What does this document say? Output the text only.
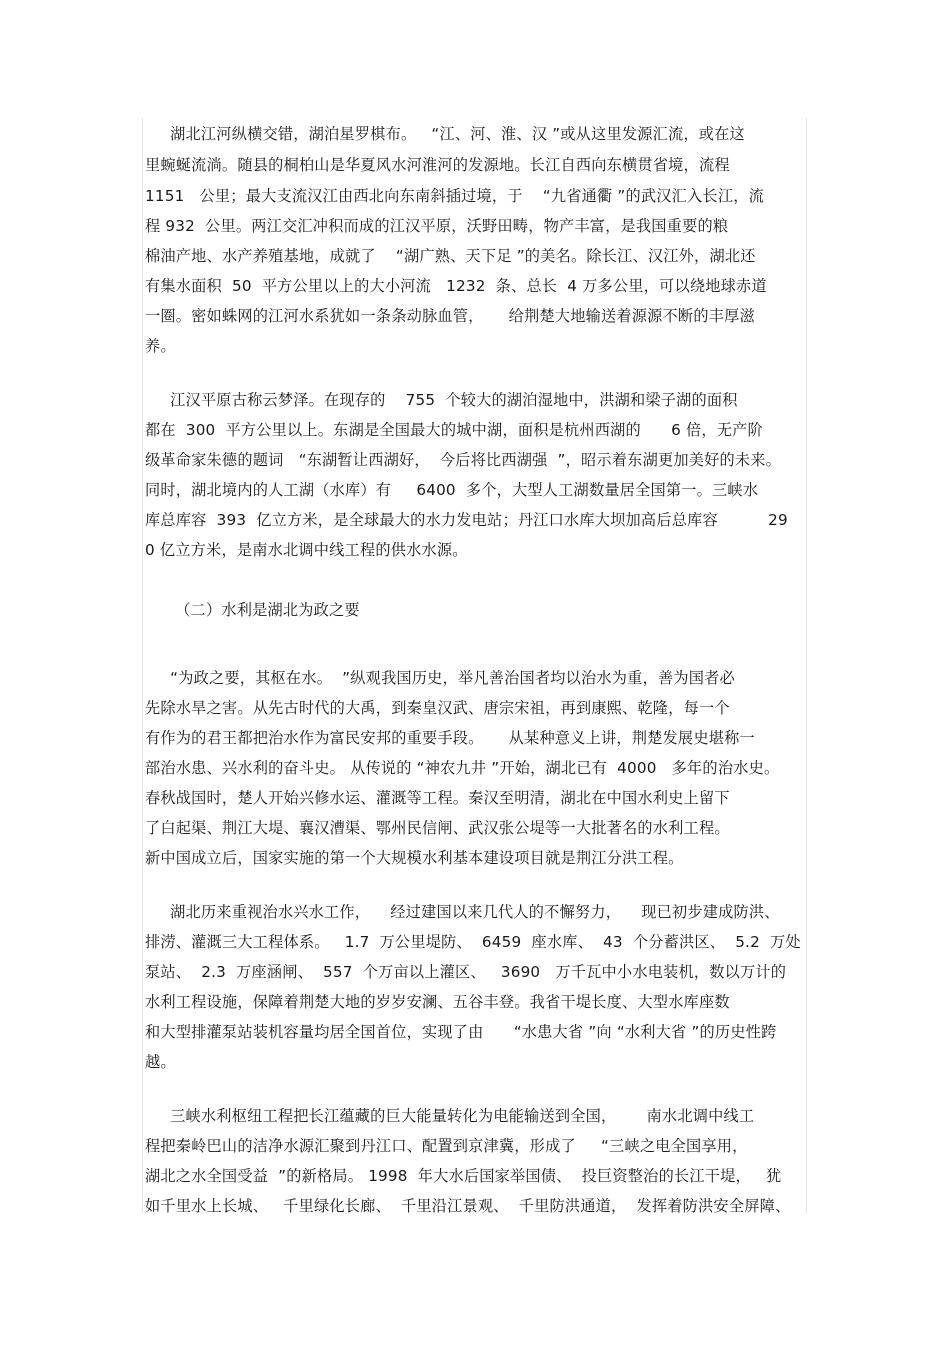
湖北江河纵横交错，湖泊星罗棋布。   “江、河、淮、汉 ”或从这里发源汇流，或在这
里蜿蜒流淌。随县的桐柏山是华夏风水河淮河的发源地。长江自西向东横贯省境，流程
1151   公里；最大支流汉江由西北向东南斜插过境，于    “九省通衢 ”的武汉汇入长江，流
程 932  公里。两江交汇冲积而成的江汉平原，沃野田畴，物产丰富，是我国重要的粮
棉油产地、水产养殖基地，成就了    “湖广熟、天下足 ”的美名。除长江、汉江外，湖北还
有集水面积  50  平方公里以上的大小河流   1232  条、总长  4 万多公里，可以绕地球赤道
一圈。密如蛛网的江河水系犹如一条条动脉血管，     给荆楚大地输送着源源不断的丰厚滋
养。
江汉平原古称云梦泽。在现存的    755  个较大的湖泊湿地中，洪湖和梁子湖的面积
都在  300  平方公里以上。东湖是全国最大的城中湖，面积是杭州西湖的      6 倍，无产阶
级革命家朱德的题词   “东湖暂让西湖好，  今后将比西湖强  ”，昭示着东湖更加美好的未来。
同时，湖北境内的人工湖（水库）有     6400  多个，大型人工湖数量居全国第一。三峡水
库总库容  393  亿立方米，是全球最大的水力发电站；丹江口水库大坝加高后总库容          29
0 亿立方米，是南水北调中线工程的供水水源。
（二）水利是湖北为政之要
“为政之要，其枢在水。  ”纵观我国历史，举凡善治国者均以治水为重，善为国者必
先除水旱之害。从先古时代的大禹，到秦皇汉武、唐宗宋祖，再到康熙、乾隆，每一个
有作为的君王都把治水作为富民安邦的重要手段。     从某种意义上讲，荆楚发展史堪称一
部治水患、兴水利的奋斗史。 从传说的 “神农九井 ”开始，湖北已有  4000   多年的治水史。
春秋战国时，楚人开始兴修水运、灌溉等工程。秦汉至明清，湖北在中国水利史上留下
了白起渠、荆江大堤、襄汉漕渠、鄂州民信闸、武汉张公堤等一大批著名的水利工程。
新中国成立后，国家实施的第一个大规模水利基本建设项目就是荆江分洪工程。
湖北历来重视治水兴水工作，    经过建国以来几代人的不懈努力，    现已初步建成防洪、
排涝、灌溉三大工程体系。   1.7  万公里堤防、  6459  座水库、  43  个分蓄洪区、  5.2  万处
泵站、  2.3  万座涵闸、  557  个万亩以上灌区、   3690   万千瓦中小水电装机，数以万计的
水利工程设施，保障着荆楚大地的岁岁安澜、五谷丰登。我省干堤长度、大型水库座数
和大型排灌泵站装机容量均居全国首位，实现了由      “水患大省 ”向 “水利大省 ”的历史性跨
越。
三峡水利枢纽工程把长江蕴藏的巨大能量转化为电能输送到全国，      南水北调中线工
程把秦岭巴山的洁净水源汇聚到丹江口、配置到京津冀，形成了     “三峡之电全国享用，
湖北之水全国受益  ”的新格局。 1998  年大水后国家举国债、  投巨资整治的长江干堤，   犹
如千里水上长城、   千里绿化长廊、  千里沿江景观、  千里防洪通道，  发挥着防洪安全屏障、
